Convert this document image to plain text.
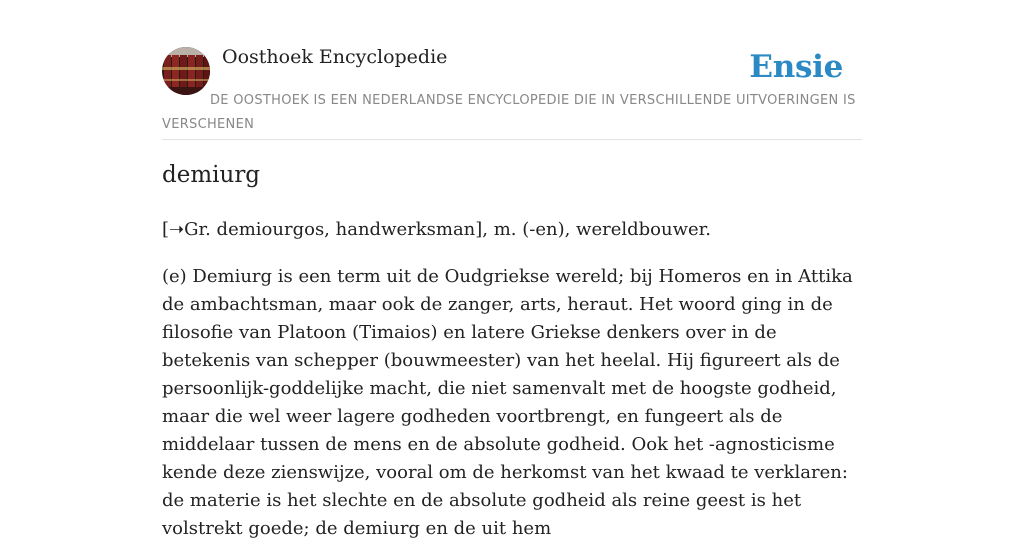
Oosthoek Encyclopedie	Ensie
DE OOSTHOEK IS EEN NEDERLANDSE ENCYCLOPEDIE DIE IN VERSCHILLENDE UITVOERINGEN IS VERSCHENEN
demiurg

[➝Gr. demiourgos, handwerksman], m. (-en), wereldbouwer.

(e) Demiurg is een term uit de Oudgriekse wereld; bij Homeros en in Attika de ambachtsman, maar ook de zanger, arts, heraut. Het woord ging in de filosofie van Platoon (Timaios) en latere Griekse denkers over in de betekenis van schepper (bouwmeester) van het heelal. Hij figureert als de persoonlijk-goddelijke macht, die niet samenvalt met de hoogste godheid, maar die wel weer lagere godheden voortbrengt, en fungeert als de middelaar tussen de mens en de absolute godheid. Ook het -agnosticisme kende deze zienswijze, vooral om de herkomst van het kwaad te verklaren: de materie is het slechte en de absolute godheid als reine geest is het volstrekt goede; de demiurg en de uit hem
